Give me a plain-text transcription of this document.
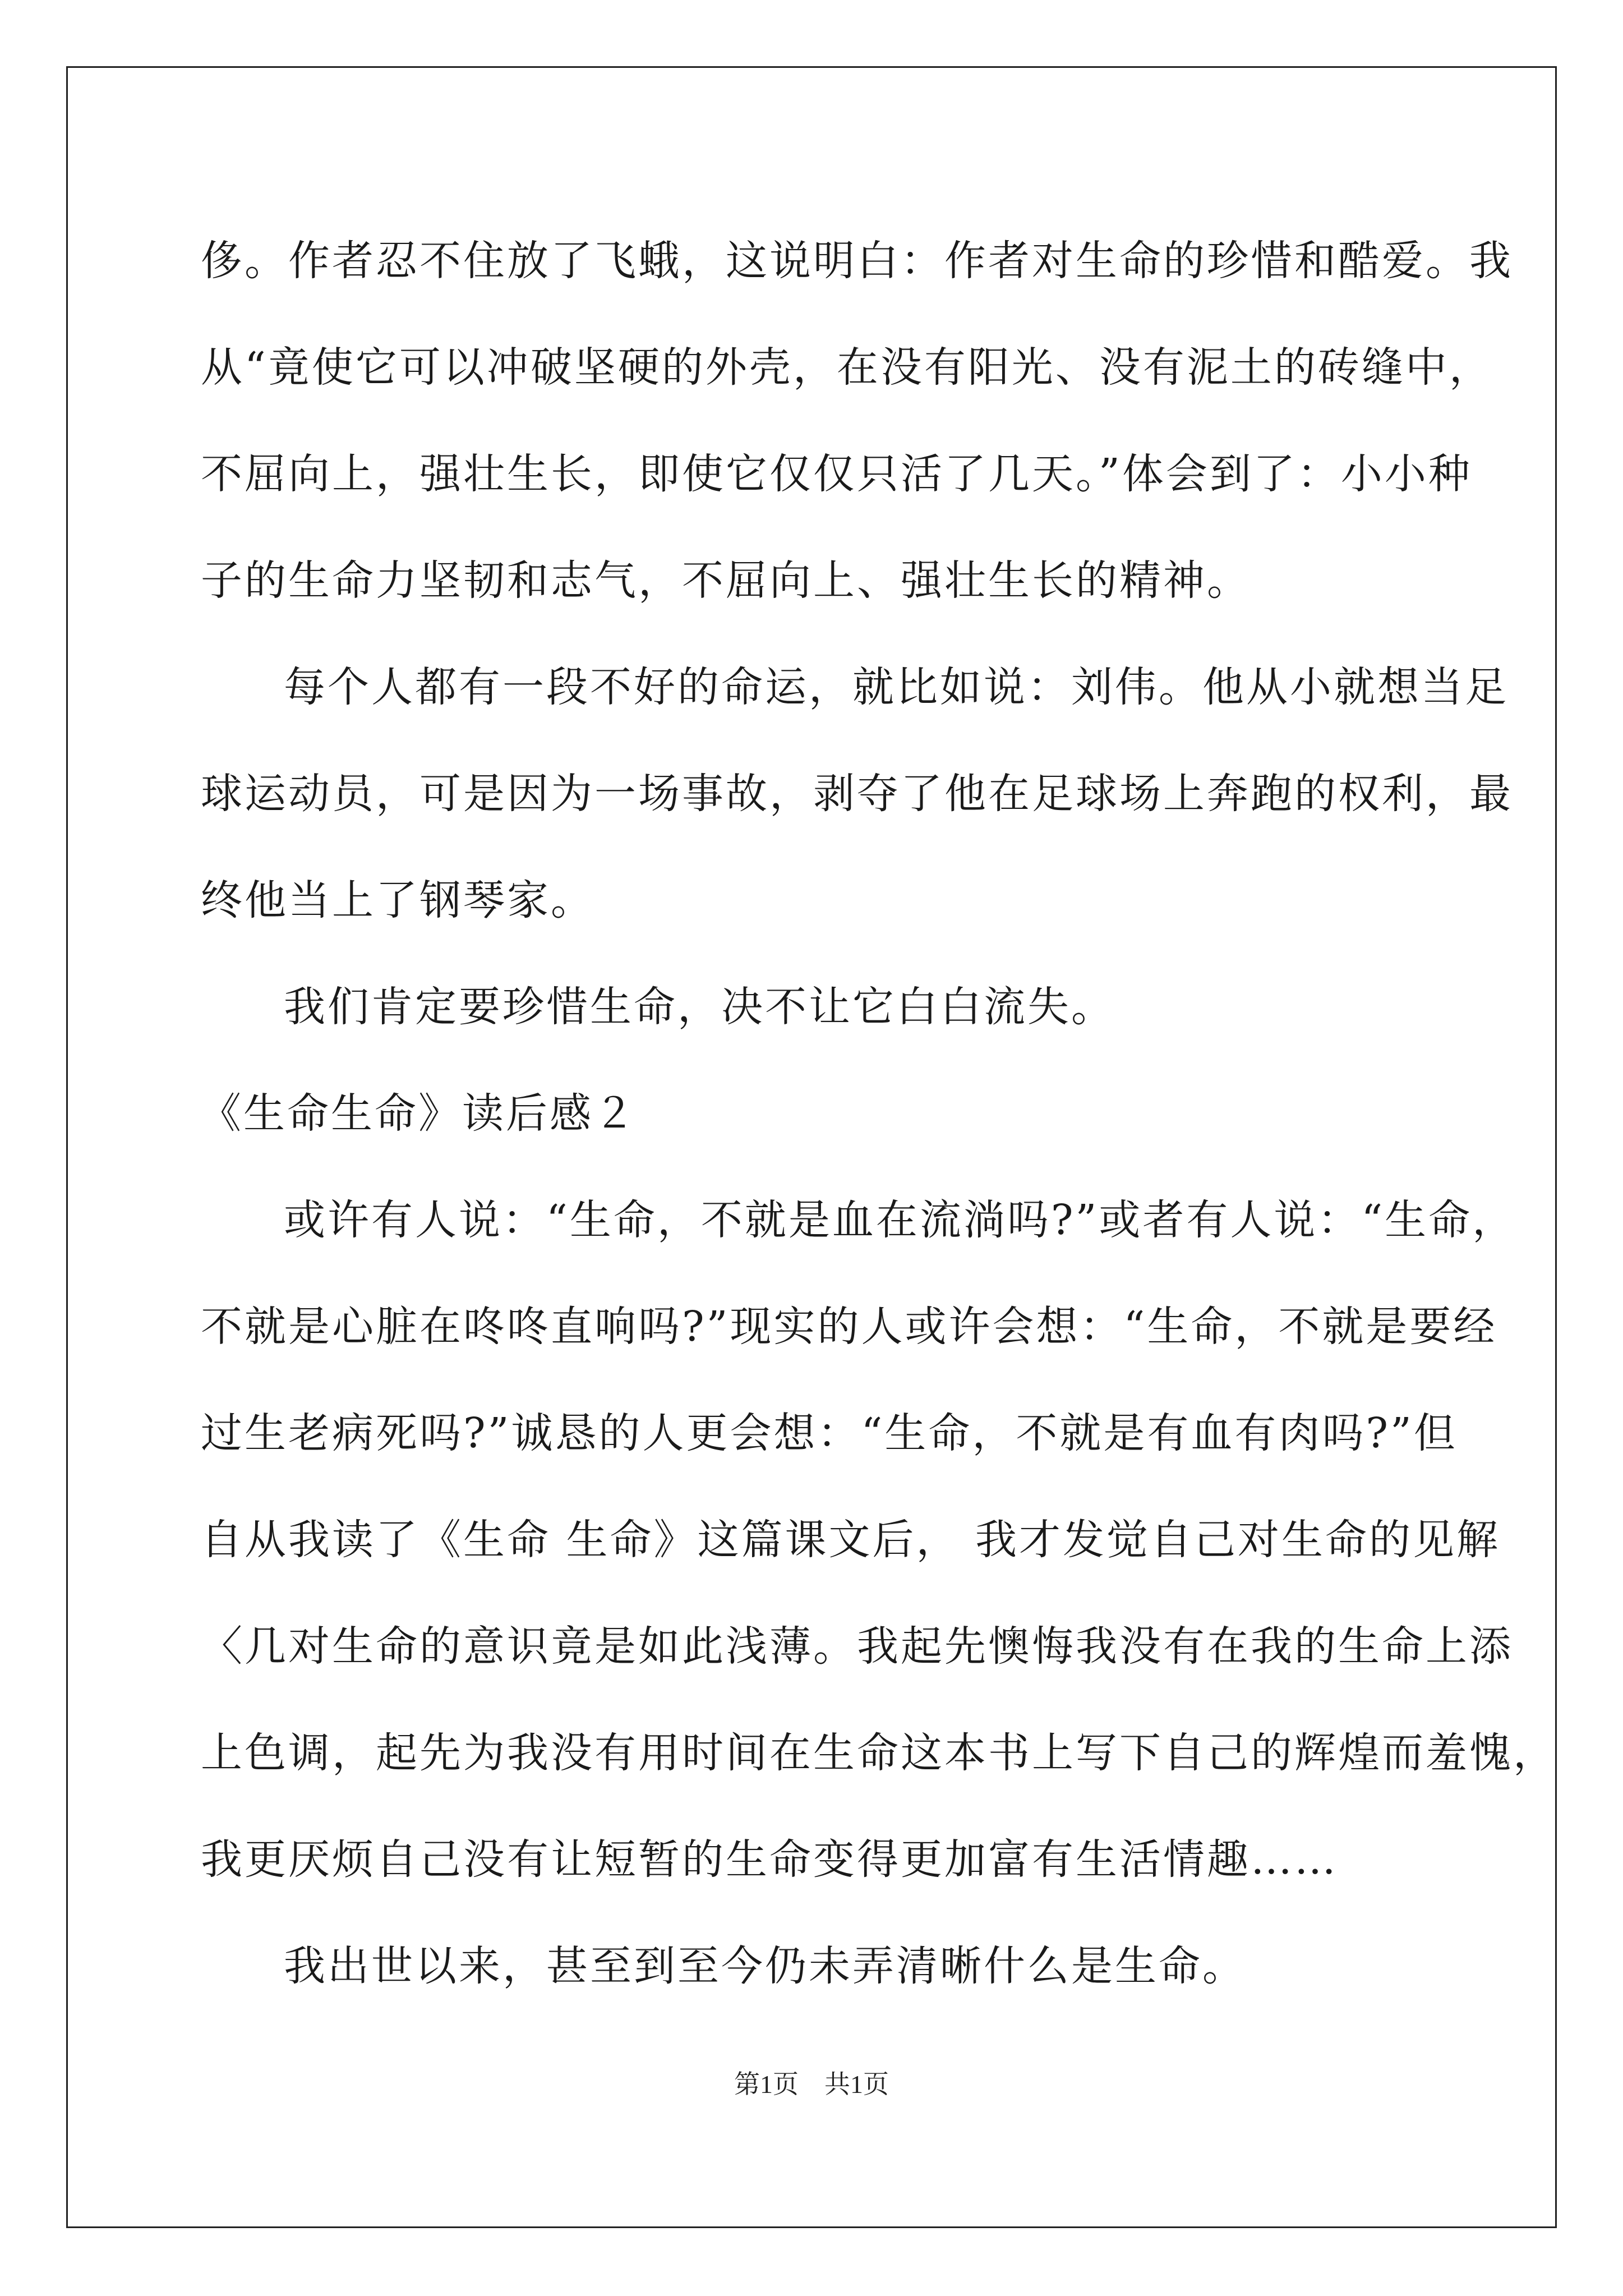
侈。作者忍不住放了飞蛾，这说明白：作者对生命的珍惜和酷爱。我
从“竟使它可以冲破坚硬的外壳，在没有阳光、没有泥土的砖缝中，
不屈向上，强壮生长，即使它仅仅只活了几天。”体会到了：小小种
子的生命力坚韧和志气，不屈向上、强壮生长的精神。
每个人都有一段不好的命运，就比如说：刘伟。他从小就想当足
球运动员，可是因为一场事故，剥夺了他在足球场上奔跑的权利，最
终他当上了钢琴家。
我们肯定要珍惜生命，决不让它白白流失。
《生命生命》读后感２
或许有人说：“生命，不就是血在流淌吗?”或者有人说：“生命，
不就是心脏在咚咚直响吗?”现实的人或许会想：“生命，不就是要经
过生老病死吗?”诚恳的人更会想：“生命，不就是有血有肉吗?”但
自从我读了《生命 生命》这篇课文后， 我才发觉自己对生命的见解
〈几对生命的意识竟是如此浅薄。我起先懊悔我没有在我的生命上添
上色调，起先为我没有用时间在生命这本书上写下自己的辉煌而羞愧，
我更厌烦自己没有让短暂的生命变得更加富有生活情趣……
我出世以来，甚至到至今仍未弄清晰什么是生命。
第1页　共1页
